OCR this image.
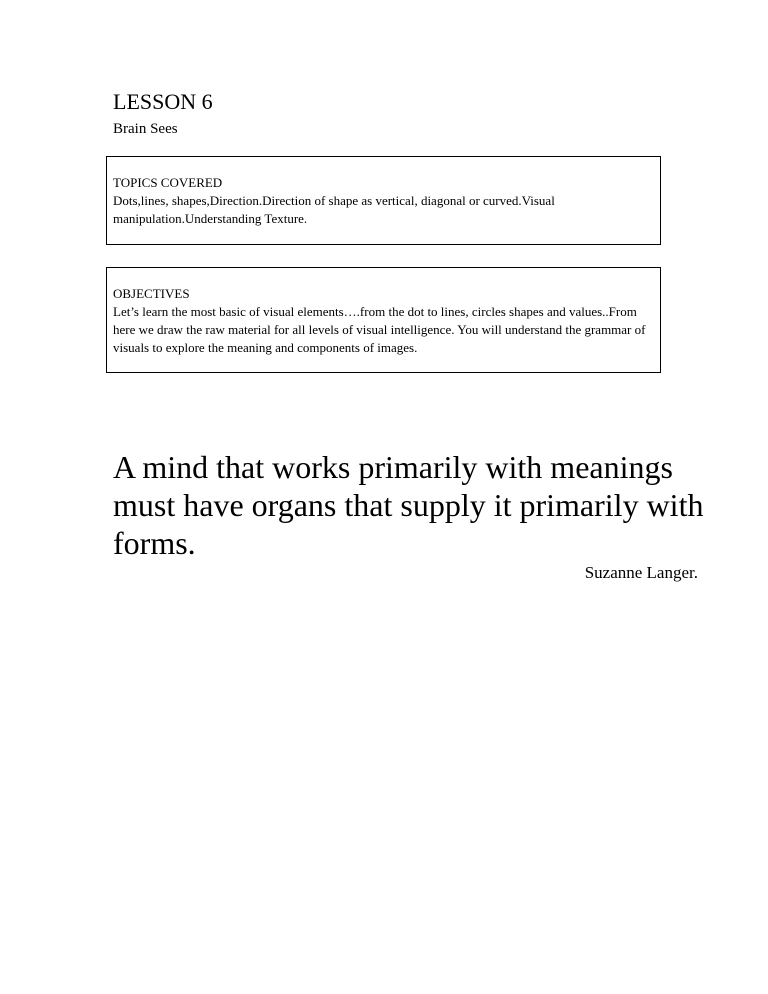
LESSON 6
Brain Sees
TOPICS COVERED
Dots,lines, shapes,Direction.Direction of shape as vertical, diagonal or curved.Visual manipulation.Understanding Texture.
OBJECTIVES
Let’s learn the most basic of visual elements….from the dot to lines, circles shapes and values..From here we draw the raw material for all levels of visual intelligence. You will understand the grammar of visuals to explore the meaning and components of images.
A mind that works primarily with meanings must have organs that supply it primarily with forms.
Suzanne Langer.
